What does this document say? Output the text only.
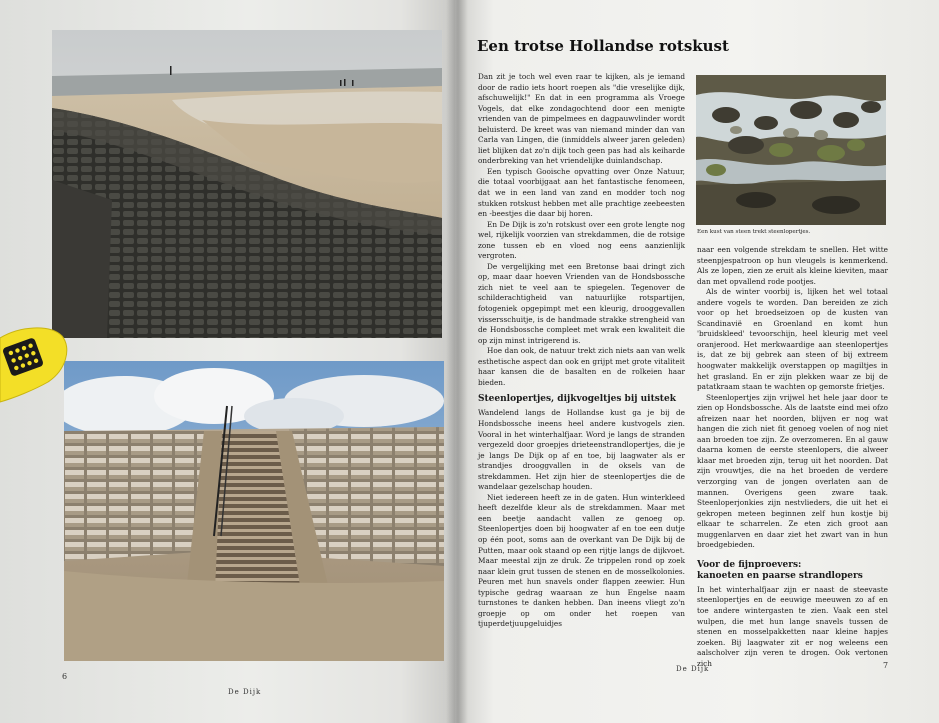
6
De Dijk
Een trotse Hollandse rotskust

Dan zit je toch wel even raar te kijken, als je iemand door de radio iets hoort roepen als "die vreselijke dijk, afschuwelijk!" En dat in een programma als Vroege Vogels, dat elke zondagochtend door een menigte vrienden van de pimpelmees en dagpauwvlinder wordt beluisterd. De kreet was van niemand minder dan van Carla van Lingen, die (inmiddels alweer jaren geleden) liet blijken dat zo'n dijk toch geen pas had als keiharde onderbreking van het vriendelijke duinlandschap.

Een typisch Gooische opvatting over Onze Natuur, die totaal voorbijgaat aan het fantastische fenomeen, dat we in een land van zand en modder toch nog stukken rotskust hebben met alle prachtige zeebeesten en -beestjes die daar bij horen.

En De Dijk is zo'n rotskust over een grote lengte nog wel, rijkelijk voorzien van strekdammen, die de rotsige zone tussen eb en vloed nog eens aanzienlijk vergroten.

De vergelijking met een Bretonse baai dringt zich op, maar daar hoeven Vrienden van de Hondsbossche zich niet te veel aan te spiegelen. Tegenover de schilderachtigheid van natuurlijke rotspartijen, fotogeniek opgepimpt met een kleurig, drooggevallen vissersschuitje, is de handmade strakke strengheid van de Hondsbossche compleet met wrak een kwaliteit die op zijn minst intrigerend is.

Hoe dan ook, de natuur trekt zich niets aan van welk esthetische aspect dan ook en grijpt met grote vitaliteit haar kansen die de basalten en de rolkeien haar bieden.

Steenlopertjes, dijkvogeltjes bij uitstek

Wandelend langs de Hollandse kust ga je bij de Hondsbossche ineens heel andere kustvogels zien. Vooral in het winterhalfjaar. Word je langs de stranden vergezeld door groepjes drieteenstrandlopertjes, die je je langs De Dijk op af en toe, bij laagwater als er strandjes drooggvallen in de oksels van de strekdammen. Het zijn hier de steenlopertjes die de wandelaar gezelschap houden.

Niet iedereen heeft ze in de gaten. Hun winterkleed heeft dezelfde kleur als de strekdammen. Maar met een beetje aandacht vallen ze genoeg op. Steenlopertjes doen bij hoogwater af en toe een dutje op één poot, soms aan de overkant van De Dijk bij de Putten, maar ook staand op een rijtje langs de dijkvoet. Maar meestal zijn ze druk. Ze trippelen rond op zoek naar klein grut tussen de stenen en de mosselkolonies. Peuren met hun snavels onder flappen zeewier. Hun typische gedrag waaraan ze hun Engelse naam turnstones te danken hebben. Dan ineens vliegt zo'n groepje op om onder het roepen van tjuperdetjuupgeluidjes

Een kust van steen trekt steenlopertjes.

naar een volgende strekdam te snellen. Het witte steenpjespatroon op hun vleugels is kenmerkend. Als ze lopen, zien ze eruit als kleine kieviten, maar dan met opvallend rode pootjes.

Als de winter voorbij is, lijken het wel totaal andere vogels te worden. Dan bereiden ze zich voor op het broedseizoen op de kusten van Scandinavië en Groenland en komt hun 'bruidskleed' tevoorschijn, heel kleurig met veel oranjerood. Het merkwaardige aan steenlopertjes is, dat ze bij gebrek aan steen of bij extreem hoogwater makkelijk overstappen op magiltjes in het grasland. En er zijn plekken waar ze bij de patatkraam staan te wachten op gemorste frietjes.

Steenlopertjes zijn vrijwel het hele jaar door te zien op Hondsbossche. Als de laatste eind mei ofzo afreizen naar het noorden, blijven er nog wat hangen die zich niet fit genoeg voelen of nog niet aan broeden toe zijn. Ze overzomeren. En al gauw daarna komen de eerste steenlopers, die alweer klaar met broeden zijn, terug uit het noorden. Dat zijn vrouwtjes, die na het broeden de verdere verzorging van de jongen overlaten aan de mannen. Overigens geen zware taak. Steenloperjonkies zijn nestvlieders, die uit het ei gekropen meteen beginnen zelf hun kostje bij elkaar te scharrelen. Ze eten zich groot aan muggenlarven en daar ziet het zwart van in hun broedgebieden.

Voor de fijnproevers:
kanoeten en paarse strandlopers

In het winterhalfjaar zijn er naast de steevaste steenlopertjes en de eeuwige meeuwen zo af en toe andere wintergasten te zien. Vaak een stel wulpen, die met hun lange snavels tussen de stenen en mosselpakketten naar kleine hapjes zoeken. Bij laagwater zit er nog weleens een aalscholver zijn veren te drogen. Ook vertonen zich

De Dijk	7
